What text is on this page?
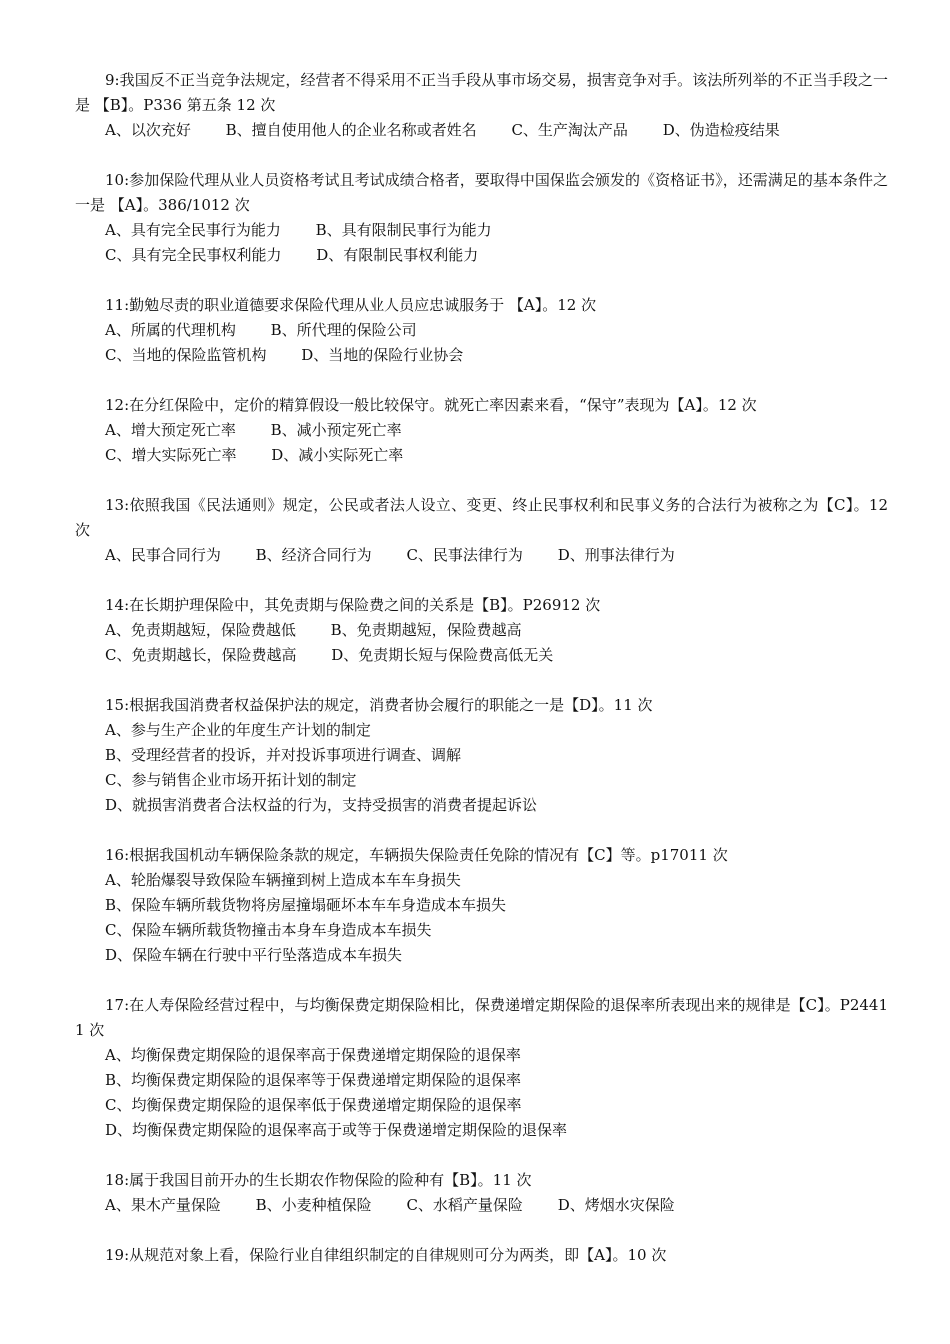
9:我国反不正当竞争法规定，经营者不得采用不正当手段从事市场交易，损害竞争对手。该法所列举的不正当手段之一是 【B】。P336 第五条 12 次

A、以次充好 B、擅自使用他人的企业名称或者姓名 C、生产淘汰产品 D、伪造检疫结果

10:参加保险代理从业人员资格考试且考试成绩合格者，要取得中国保监会颁发的《资格证书》，还需满足的基本条件之一是 【A】。386/1012 次

A、具有完全民事行为能力 B、具有限制民事行为能力
C、具有完全民事权利能力 D、有限制民事权利能力

11:勤勉尽责的职业道德要求保险代理从业人员应忠诚服务于 【A】。12 次

A、所属的代理机构 B、所代理的保险公司
C、当地的保险监管机构 D、当地的保险行业协会

12:在分红保险中，定价的精算假设一般比较保守。就死亡率因素来看，“保守”表现为【A】。12 次

A、增大预定死亡率 B、减小预定死亡率
C、增大实际死亡率 D、减小实际死亡率

13:依照我国《民法通则》规定，公民或者法人设立、变更、终止民事权利和民事义务的合法行为被称之为【C】。12 次

A、民事合同行为 B、经济合同行为 C、民事法律行为 D、刑事法律行为

14:在长期护理保险中，其免责期与保险费之间的关系是【B】。P26912 次

A、免责期越短，保险费越低 B、免责期越短，保险费越高
C、免责期越长，保险费越高 D、免责期长短与保险费高低无关

15:根据我国消费者权益保护法的规定，消费者协会履行的职能之一是【D】。11 次

A、参与生产企业的年度生产计划的制定
B、受理经营者的投诉，并对投诉事项进行调查、调解
C、参与销售企业市场开拓计划的制定
D、就损害消费者合法权益的行为，支持受损害的消费者提起诉讼

16:根据我国机动车辆保险条款的规定，车辆损失保险责任免除的情况有【C】等。p17011 次

A、轮胎爆裂导致保险车辆撞到树上造成本车车身损失
B、保险车辆所载货物将房屋撞塌砸坏本车车身造成本车损失
C、保险车辆所载货物撞击本身车身造成本车损失
D、保险车辆在行驶中平行坠落造成本车损失

17:在人寿保险经营过程中，与均衡保费定期保险相比，保费递增定期保险的退保率所表现出来的规律是【C】。P24411 次

A、均衡保费定期保险的退保率高于保费递增定期保险的退保率
B、均衡保费定期保险的退保率等于保费递增定期保险的退保率
C、均衡保费定期保险的退保率低于保费递增定期保险的退保率
D、均衡保费定期保险的退保率高于或等于保费递增定期保险的退保率

18:属于我国目前开办的生长期农作物保险的险种有【B】。11 次

A、果木产量保险 B、小麦种植保险 C、水稻产量保险 D、烤烟水灾保险

19:从规范对象上看，保险行业自律组织制定的自律规则可分为两类，即【A】。10 次
